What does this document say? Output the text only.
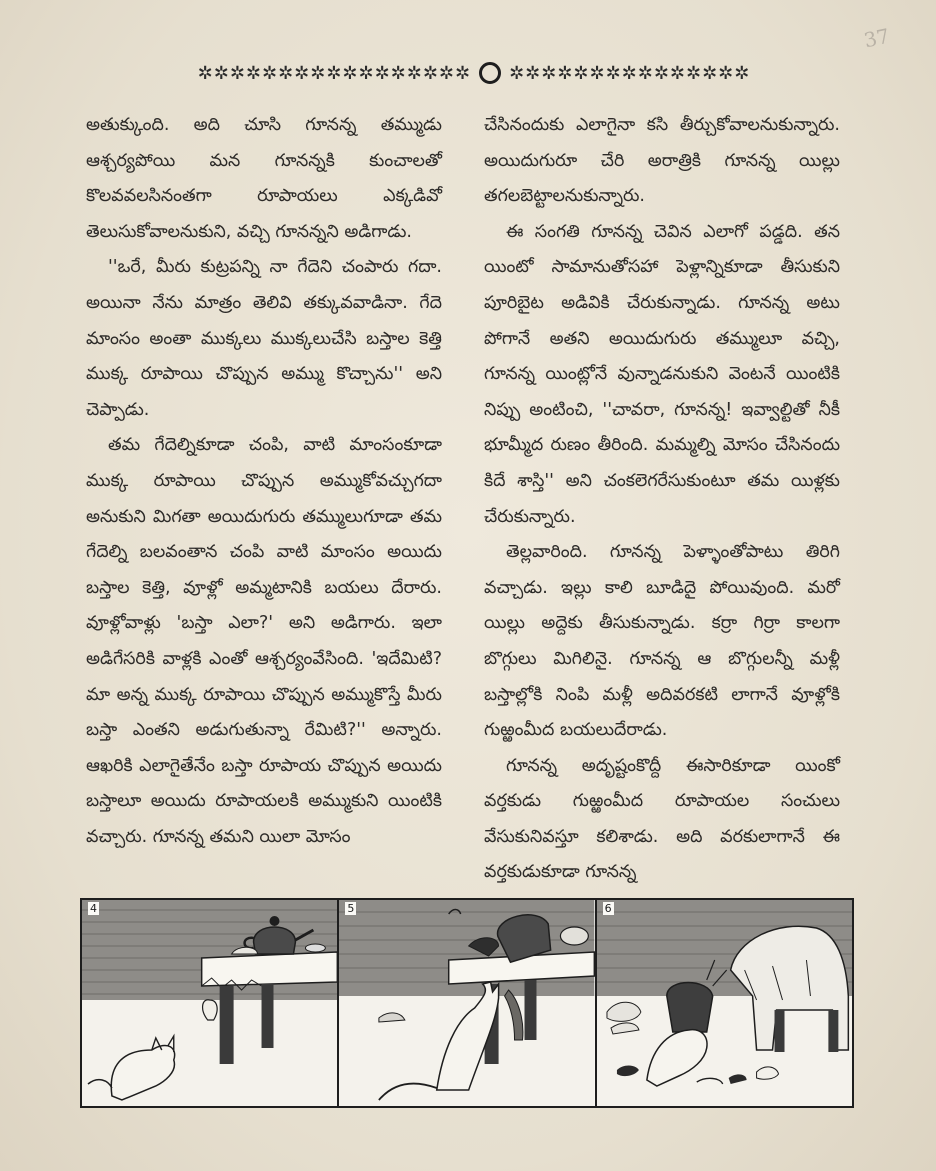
37
✲✲✲✲✲✲✲✲✲✲✲✲✲✲✲✲✲ ✲✲✲✲✲✲✲✲✲✲✲✲✲✲✲

అతుక్కుంది. అది చూసి గూనన్న తమ్ముడు ఆశ్చర్యపోయి మన గూనన్నకి కుంచాలతో కొలవవలసినంతగా రూపాయలు ఎక్కడివో తెలుసుకోవాలనుకుని, వచ్చి గూనన్నని అడిగాడు.

''ఒరే, మీరు కుట్రపన్ని నా గేదెని చంపారు గదా. అయినా నేను మాత్రం తెలివి తక్కువవాడినా. గేదె మాంసం అంతా ముక్కలు ముక్కలుచేసి బస్తాల కెత్తి ముక్క రూపాయి చొప్పున అమ్ము కొచ్చాను'' అని చెప్పాడు.

తమ గేదెల్నికూడా చంపి, వాటి మాంసంకూడా ముక్క రూపాయి చొప్పున అమ్ముకోవచ్చుగదా అనుకుని మిగతా అయిదుగురు తమ్ములుగూడా తమ గేదెల్ని బలవంతాన చంపి వాటి మాంసం అయిదు బస్తాల కెత్తి, వూళ్లో అమ్మటానికి బయలు దేరారు. వూళ్లోవాళ్లు 'బస్తా ఎలా?' అని అడిగారు. ఇలా అడిగేసరికి వాళ్లకి ఎంతో ఆశ్చర్యంవేసింది. 'ఇదేమిటి? మా అన్న ముక్క రూపాయి చొప్పున అమ్ముకొస్తే మీరు బస్తా ఎంతని అడుగుతున్నా రేమిటి?'' అన్నారు. ఆఖరికి ఎలాగైతేనేం బస్తా రూపాయ చొప్పున అయిదు బస్తాలూ అయిదు రూపాయలకి అమ్ముకుని యింటికి వచ్చారు. గూనన్న తమని యిలా మోసం

చేసినందుకు ఎలాగైనా కసి తీర్చుకోవాలనుకున్నారు. అయిదుగురూ చేరి అరాత్రికి గూనన్న యిల్లు తగలబెట్టాలనుకున్నారు.

ఈ సంగతి గూనన్న చెవిన ఎలాగో పడ్డది. తన యింటో సామానుతోసహా పెళ్లాన్నికూడా తీసుకుని పూరిబైట అడివికి చేరుకున్నాడు. గూనన్న అటు పోగానే అతని అయిదుగురు తమ్ములూ వచ్చి, గూనన్న యింట్లోనే వున్నాడనుకుని వెంటనే యింటికి నిప్పు అంటించి, ''చావరా, గూనన్న! ఇవ్వాల్టితో నీకీ భూమ్మీద రుణం తీరింది. మమ్మల్ని మోసం చేసినందు కిదే శాస్తి'' అని చంకలెగరేసుకుంటూ తమ యిళ్లకు చేరుకున్నారు.

తెల్లవారింది. గూనన్న పెళ్ళాంతోపాటు తిరిగి వచ్చాడు. ఇల్లు కాలి బూడిదై పోయివుంది. మరో యిల్లు అద్దెకు తీసుకున్నాడు. కర్రా గిర్రా కాలగా బొగ్గులు మిగిలినై. గూనన్న ఆ బొగ్గులన్నీ మళ్లీ బస్తాల్లోకి నింపి మళ్లీ అదివరకటి లాగానే వూళ్లోకి గుఱ్ఱంమీద బయలుదేరాడు.

గూనన్న అదృష్టంకొద్దీ ఈసారికూడా యింకో వర్తకుడు గుఱ్ఱంమీద రూపాయల సంచులు వేసుకునివస్తూ కలిశాడు. అది వరకులాగానే ఈ వర్తకుడుకూడా గూనన్న

4	5	6
